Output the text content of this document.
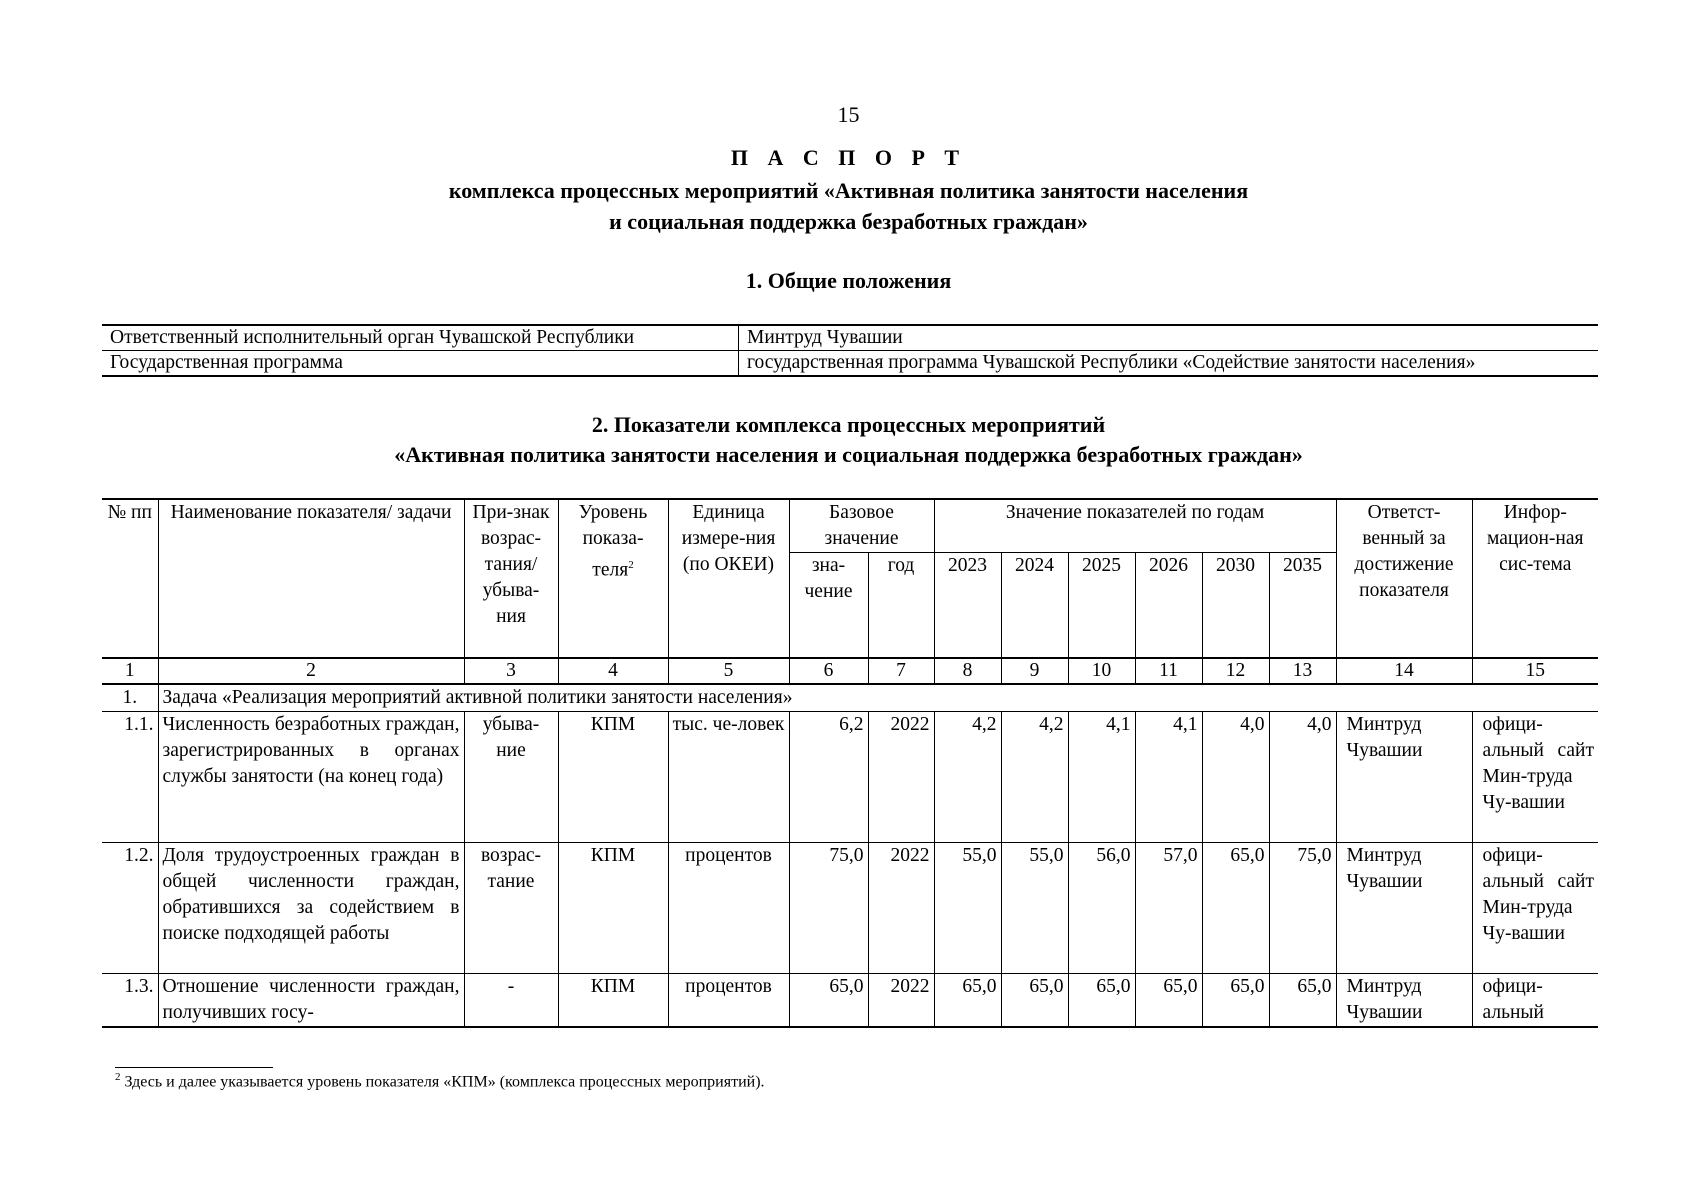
15
П А С П О Р Т
комплекса процессных мероприятий «Активная политика занятости населения
и социальная поддержка безработных граждан»
1. Общие положения
Ответственный исполнительный орган Чувашской Республики	Минтруд Чувашии
Государственная программа	государственная программа Чувашской Республики «Содействие занятости населения»
2. Показатели комплекса процессных мероприятий
«Активная политика занятости населения и социальная поддержка безработных граждан»
№ пп	Наименование показателя/ задачи	При-знак возрас-тания/ убыва-ния	Уровень показа-теля$^2$	Единица измере-ния (по ОКЕИ)	Базовое значение		Значение показателей по годам						Ответст-венный за достижение показателя	Инфор-мацион-ная сис-тема
					зна-чение	год	2023	2024	2025	2026	2030	2035		
1	2	3	4	5	6	7	8	9	10	11	12	13	14	15
1.	Задача «Реализация мероприятий активной политики занятости населения»													
1.1.	Численность безработных граждан, зарегистрированных в органах службы занятости (на конец года)	убыва-ние	КПМ	тыс. че-ловек	6,2	2022	4,2	4,2	4,1	4,1	4,0	4,0	Минтруд Чувашии	офици-альный сайт Мин-труда Чу-вашии
1.2.	Доля трудоустроенных граждан в общей численности граждан, обратившихся за содействием в поиске подходящей работы	возрас-тание	КПМ	процентов	75,0	2022	55,0	55,0	56,0	57,0	65,0	75,0	Минтруд Чувашии	офици-альный сайт Мин-труда Чу-вашии
1.3.	Отношение численности граждан, получивших госу-	-	КПМ	процентов	65,0	2022	65,0	65,0	65,0	65,0	65,0	65,0	Минтруд Чувашии	офици-альный
$^2$ Здесь и далее указывается уровень показателя «КПМ» (комплекса процессных мероприятий).
